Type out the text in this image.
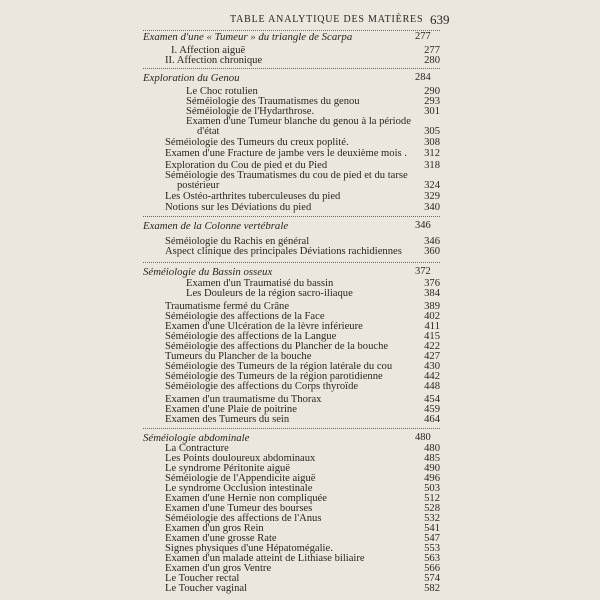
TABLE ANALYTIQUE DES MATIÈRES 639
Examen d'une « Tumeur » du triangle de Scarpa	277
I. Affection aiguë	277
II. Affection chronique	280
Exploration du Genou	284
Le Choc rotulien	290
Séméiologie des Traumatismes du genou	293
Séméiologie de l'Hydarthrose.	301
Examen d'une Tumeur blanche du genou à la période
d'état	305
Séméiologie des Tumeurs du creux poplité.	308
Examen d'une Fracture de jambe vers le deuxième mois . 312
Exploration du Cou de pied et du Pied	318
Séméiologie des Traumatismes du cou de pied et du tarse
postérieur	324
Les Ostéo-arthrites tuberculeuses du pied	329
Notions sur les Déviations du pied	340
Examen de la Colonne vertébrale	346
Séméiologie du Rachis en général	346
Aspect clinique des principales Déviations rachidiennes 360
Séméiologie du Bassin osseux	372
Examen d'un Traumatisé du bassin	376
Les Douleurs de la région sacro-iliaque	384
Traumatisme fermé du Crâne	389
Séméiologie des affections de la Face	402
Examen d'une Ulcération de la lèvre inférieure	411
Séméiologie des affections de la Langue	415
Séméiologie des affections du Plancher de la bouche	422
Tumeurs du Plancher de la bouche	427
Séméiologie des Tumeurs de la région latérale du cou	430
Séméiologie des Tumeurs de la région parotidienne	442
Séméiologie des affections du Corps thyroïde	448
Examen d'un traumatisme du Thorax	454
Examen d'une Plaie de poitrine	459
Examen des Tumeurs du sein	464
Séméiologie abdominale	480
La Contracture	480
Les Points douloureux abdominaux	485
Le syndrome Péritonite aiguë	490
Séméiologie de l'Appendicite aiguë	496
Le syndrome Occlusion intestinale	503
Examen d'une Hernie non compliquée	512
Examen d'une Tumeur des bourses	528
Séméiologie des affections de l'Anus	532
Examen d'un gros Rein	541
Examen d'une grosse Rate	547
Signes physiques d'une Hépatomégalie.	553
Examen d'un malade atteint de Lithiase biliaire	563
Examen d'un gros Ventre	566
Le Toucher rectal	574
Le Toucher vaginal	582
